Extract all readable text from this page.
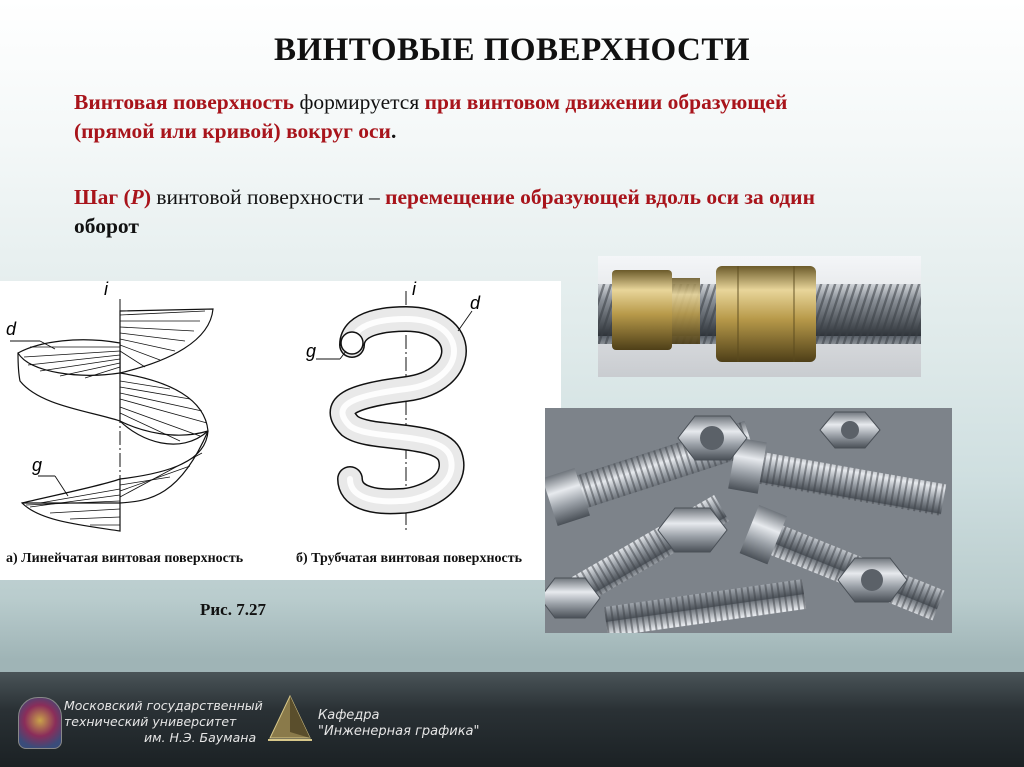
ВИНТОВЫЕ ПОВЕРХНОСТИ
Винтовая поверхность формируется при винтовом движении образующей
(прямой или кривой) вокруг оси.
Шаг (Р) винтовой поверхности – перемещение образующей вдоль оси за один
оборот
i
d
g
i
d
g
а) Линейчатая винтовая поверхность	б) Трубчатая винтовая поверхность
Рис. 7.27
Московский государственный
технический университет
им. Н.Э. Баумана
Кафедра
"Инженерная графика"
